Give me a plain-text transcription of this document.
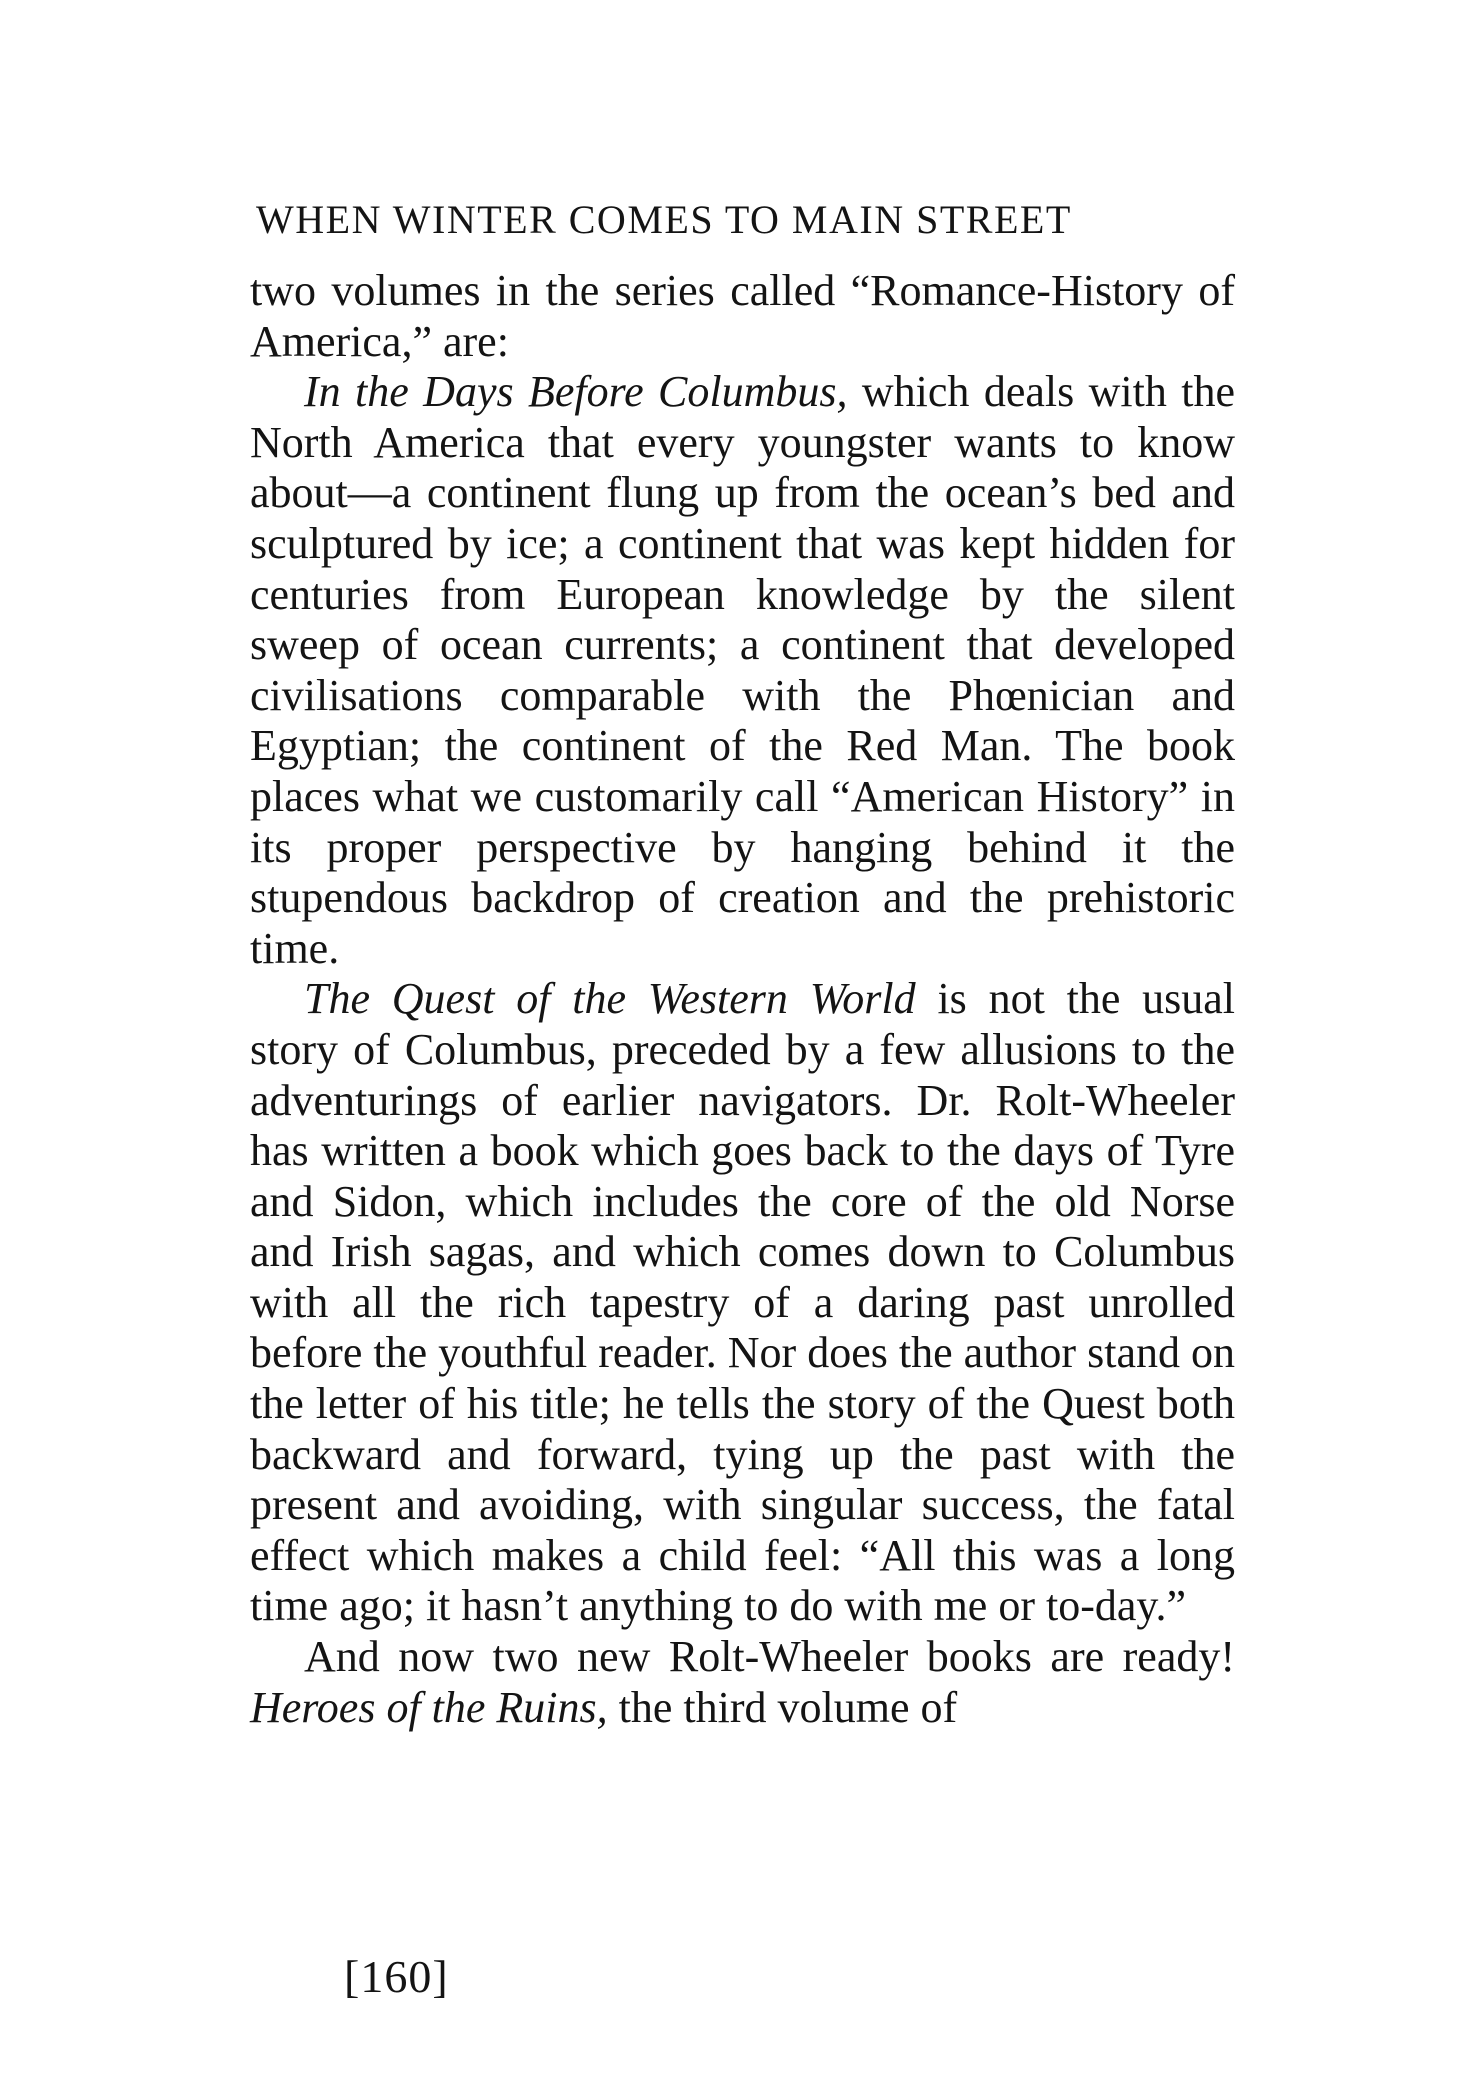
WHEN WINTER COMES TO MAIN STREET

two volumes in the series called “Romance-History of America,” are:

In the Days Before Columbus, which deals with the North America that every youngster wants to know about—a continent flung up from the ocean’s bed and sculptured by ice; a continent that was kept hidden for centuries from European knowledge by the silent sweep of ocean currents; a continent that developed civilisations comparable with the Phœnician and Egyptian; the continent of the Red Man. The book places what we customarily call “American History” in its proper perspective by hanging behind it the stupendous backdrop of creation and the prehistoric time.

The Quest of the Western World is not the usual story of Columbus, preceded by a few allusions to the adventurings of earlier navigators. Dr. Rolt-Wheeler has written a book which goes back to the days of Tyre and Sidon, which includes the core of the old Norse and Irish sagas, and which comes down to Columbus with all the rich tapestry of a daring past unrolled before the youthful reader. Nor does the author stand on the letter of his title; he tells the story of the Quest both backward and forward, tying up the past with the present and avoiding, with singular success, the fatal effect which makes a child feel: “All this was a long time ago; it hasn’t anything to do with me or to-day.”

And now two new Rolt-Wheeler books are ready! Heroes of the Ruins, the third volume of

[160]
